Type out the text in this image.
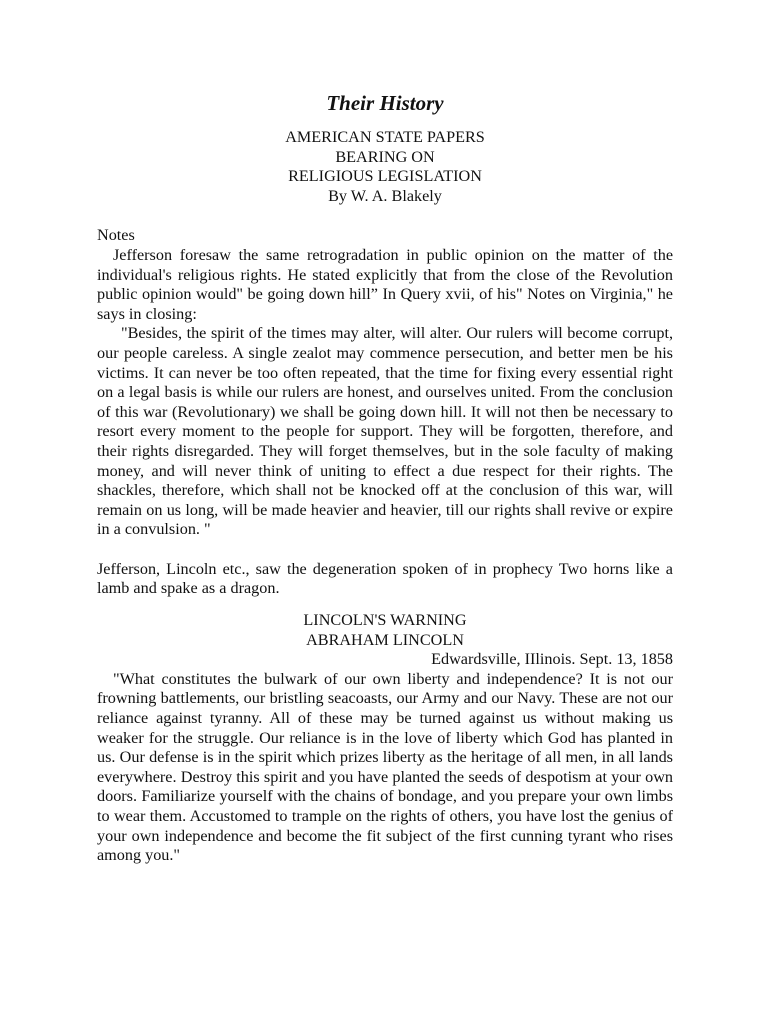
Their History

AMERICAN STATE PAPERS

BEARING ON

RELIGIOUS LEGISLATION

By W. A. Blakely

Notes

Jefferson foresaw the same retrogradation in public opinion on the matter of the individual's religious rights. He stated explicitly that from the close of the Revolution public opinion would" be going down hill” In Query xvii, of his" Notes on Virginia," he says in closing:

"Besides, the spirit of the times may alter, will alter. Our rulers will become corrupt, our people careless. A single zealot may commence persecution, and better men be his victims. It can never be too often repeated, that the time for fixing every essential right on a legal basis is while our rulers are honest, and ourselves united. From the conclusion of this war (Revolutionary) we shall be going down hill. It will not then be necessary to resort every moment to the people for support. They will be forgotten, therefore, and their rights disregarded. They will forget themselves, but in the sole faculty of making money, and will never think of uniting to effect a due respect for their rights. The shackles, therefore, which shall not be knocked off at the conclusion of this war, will remain on us long, will be made heavier and heavier, till our rights shall revive or expire in a convulsion. "

Jefferson, Lincoln etc., saw the degeneration spoken of in prophecy Two horns like a lamb and spake as a dragon.

LINCOLN'S WARNING

ABRAHAM LINCOLN

Edwardsville, IIlinois. Sept. 13, 1858

"What constitutes the bulwark of our own liberty and independence? It is not our frowning battlements, our bristling seacoasts, our Army and our Navy. These are not our reliance against tyranny. All of these may be turned against us without making us weaker for the struggle. Our reliance is in the love of liberty which God has planted in us. Our defense is in the spirit which prizes liberty as the heritage of all men, in all lands everywhere. Destroy this spirit and you have planted the seeds of despotism at your own doors. Familiarize yourself with the chains of bondage, and you prepare your own limbs to wear them. Accustomed to trample on the rights of others, you have lost the genius of your own independence and become the fit subject of the first cunning tyrant who rises among you."
